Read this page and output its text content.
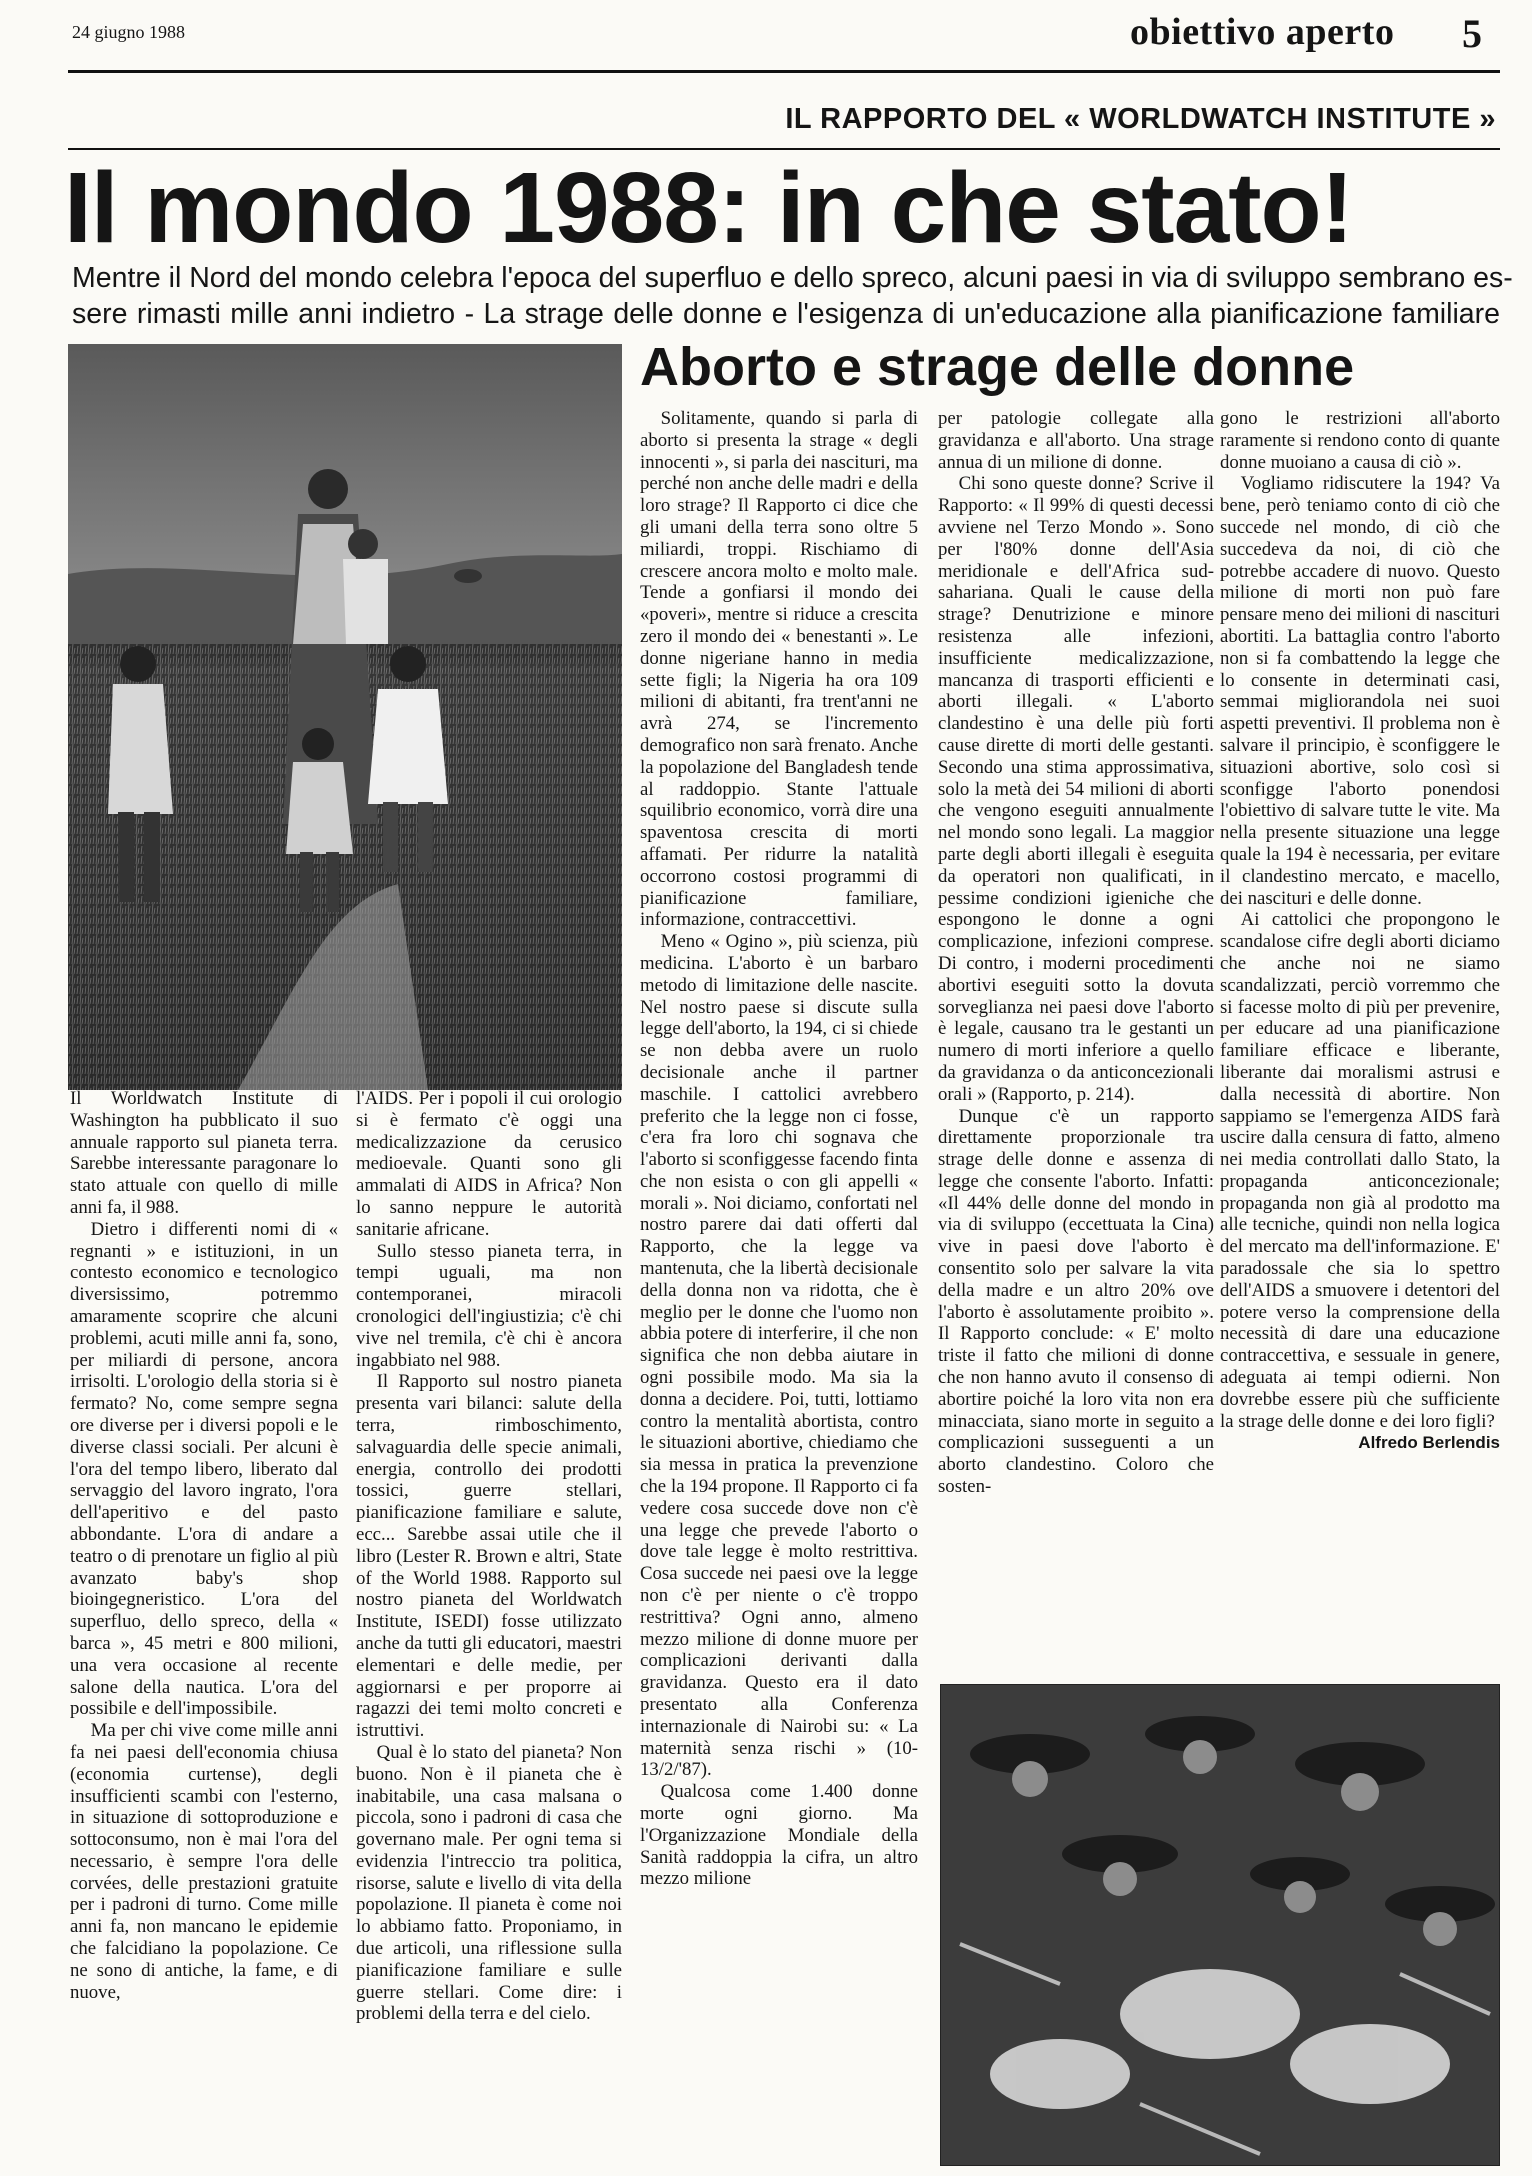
24 giugno 1988	obiettivo aperto 5
IL RAPPORTO DEL « WORLDWATCH INSTITUTE »
Il mondo 1988: in che stato!
Mentre il Nord del mondo celebra l'epoca del superfluo e dello spreco, alcuni paesi in via di sviluppo sembrano es-
sere rimasti mille anni indietro - La strage delle donne e l'esigenza di un'educazione alla pianificazione familiare
Aborto e strage delle donne

Il Worldwatch Institute di Washington ha pubblicato il suo annuale rapporto sul pianeta terra. Sarebbe interessante paragonare lo stato attuale con quello di mille anni fa, il 988.

Dietro i differenti nomi di « regnanti » e istituzioni, in un contesto economico e tecnologico diversissimo, potremmo amaramente scoprire che alcuni problemi, acuti mille anni fa, sono, per miliardi di persone, ancora irrisolti. L'orologio della storia si è fermato? No, come sempre segna ore diverse per i diversi popoli e le diverse classi sociali. Per alcuni è l'ora del tempo libero, liberato dal servaggio del lavoro ingrato, l'ora dell'aperitivo e del pasto abbondante. L'ora di andare a teatro o di prenotare un figlio al più avanzato baby's shop bioingegneristico. L'ora del superfluo, dello spreco, della « barca », 45 metri e 800 milioni, una vera occasione al recente salone della nautica. L'ora del possibile e dell'impossibile.

Ma per chi vive come mille anni fa nei paesi dell'economia chiusa (economia curtense), degli insufficienti scambi con l'esterno, in situazione di sottoproduzione e sottoconsumo, non è mai l'ora del necessario, è sempre l'ora delle corvées, delle prestazioni gratuite per i padroni di turno. Come mille anni fa, non mancano le epidemie che falcidiano la popolazione. Ce ne sono di antiche, la fame, e di nuove,

l'AIDS. Per i popoli il cui orologio si è fermato c'è oggi una medicalizzazione da cerusico medioevale. Quanti sono gli ammalati di AIDS in Africa? Non lo sanno neppure le autorità sanitarie africane.

Sullo stesso pianeta terra, in tempi uguali, ma non contemporanei, miracoli cronologici dell'ingiustizia; c'è chi vive nel tremila, c'è chi è ancora ingabbiato nel 988.

Il Rapporto sul nostro pianeta presenta vari bilanci: salute della terra, rimboschimento, salvaguardia delle specie animali, energia, controllo dei prodotti tossici, guerre stellari, pianificazione familiare e salute, ecc... Sarebbe assai utile che il libro (Lester R. Brown e altri, State of the World 1988. Rapporto sul nostro pianeta del Worldwatch Institute, ISEDI) fosse utilizzato anche da tutti gli educatori, maestri elementari e delle medie, per aggiornarsi e per proporre ai ragazzi dei temi molto concreti e istruttivi.

Qual è lo stato del pianeta? Non buono. Non è il pianeta che è inabitabile, una casa malsana o piccola, sono i padroni di casa che governano male. Per ogni tema si evidenzia l'intreccio tra politica, risorse, salute e livello di vita della popolazione. Il pianeta è come noi lo abbiamo fatto. Proponiamo, in due articoli, una riflessione sulla pianificazione familiare e sulle guerre stellari. Come dire: i problemi della terra e del cielo.

Solitamente, quando si parla di aborto si presenta la strage « degli innocenti », si parla dei nascituri, ma perché non anche delle madri e della loro strage? Il Rapporto ci dice che gli umani della terra sono oltre 5 miliardi, troppi. Rischiamo di crescere ancora molto e molto male. Tende a gonfiarsi il mondo dei «poveri», mentre si riduce a crescita zero il mondo dei « benestanti ». Le donne nigeriane hanno in media sette figli; la Nigeria ha ora 109 milioni di abitanti, fra trent'anni ne avrà 274, se l'incremento demografico non sarà frenato. Anche la popolazione del Bangladesh tende al raddoppio. Stante l'attuale squilibrio economico, vorrà dire una spaventosa crescita di morti affamati. Per ridurre la natalità occorrono costosi programmi di pianificazione familiare, informazione, contraccettivi.

Meno « Ogino », più scienza, più medicina. L'aborto è un barbaro metodo di limitazione delle nascite. Nel nostro paese si discute sulla legge dell'aborto, la 194, ci si chiede se non debba avere un ruolo decisionale anche il partner maschile. I cattolici avrebbero preferito che la legge non ci fosse, c'era fra loro chi sognava che l'aborto si sconfiggesse facendo finta che non esista o con gli appelli « morali ». Noi diciamo, confortati nel nostro parere dai dati offerti dal Rapporto, che la legge va mantenuta, che la libertà decisionale della donna non va ridotta, che è meglio per le donne che l'uomo non abbia potere di interferire, il che non significa che non debba aiutare in ogni possibile modo. Ma sia la donna a decidere. Poi, tutti, lottiamo contro la mentalità abortista, contro le situazioni abortive, chiediamo che sia messa in pratica la prevenzione che la 194 propone. Il Rapporto ci fa vedere cosa succede dove non c'è una legge che prevede l'aborto o dove tale legge è molto restrittiva. Cosa succede nei paesi ove la legge non c'è per niente o c'è troppo restrittiva? Ogni anno, almeno mezzo milione di donne muore per complicazioni derivanti dalla gravidanza. Questo era il dato presentato alla Conferenza internazionale di Nairobi su: « La maternità senza rischi » (10-13/2/'87).

Qualcosa come 1.400 donne morte ogni giorno. Ma l'Organizzazione Mondiale della Sanità raddoppia la cifra, un altro mezzo milione

per patologie collegate alla gravidanza e all'aborto. Una strage annua di un milione di donne.

Chi sono queste donne? Scrive il Rapporto: « Il 99% di questi decessi avviene nel Terzo Mondo ». Sono per l'80% donne dell'Asia meridionale e dell'Africa sud-sahariana. Quali le cause della strage? Denutrizione e minore resistenza alle infezioni, insufficiente medicalizzazione, mancanza di trasporti efficienti e aborti illegali. « L'aborto clandestino è una delle più forti cause dirette di morti delle gestanti. Secondo una stima approssimativa, solo la metà dei 54 milioni di aborti che vengono eseguiti annualmente nel mondo sono legali. La maggior parte degli aborti illegali è eseguita da operatori non qualificati, in pessime condizioni igieniche che espongono le donne a ogni complicazione, infezioni comprese. Di contro, i moderni procedimenti abortivi eseguiti sotto la dovuta sorveglianza nei paesi dove l'aborto è legale, causano tra le gestanti un numero di morti inferiore a quello da gravidanza o da anticoncezionali orali » (Rapporto, p. 214).

Dunque c'è un rapporto direttamente proporzionale tra strage delle donne e assenza di legge che consente l'aborto. Infatti: «Il 44% delle donne del mondo in via di sviluppo (eccettuata la Cina) vive in paesi dove l'aborto è consentito solo per salvare la vita della madre e un altro 20% ove l'aborto è assolutamente proibito ». Il Rapporto conclude: « E' molto triste il fatto che milioni di donne che non hanno avuto il consenso di abortire poiché la loro vita non era minacciata, siano morte in seguito a complicazioni susseguenti a un aborto clandestino. Coloro che sosten-

gono le restrizioni all'aborto raramente si rendono conto di quante donne muoiano a causa di ciò ».

Vogliamo ridiscutere la 194? Va bene, però teniamo conto di ciò che succede nel mondo, di ciò che succedeva da noi, di ciò che potrebbe accadere di nuovo. Questo milione di morti non può fare pensare meno dei milioni di nascituri abortiti. La battaglia contro l'aborto non si fa combattendo la legge che lo consente in determinati casi, semmai migliorandola nei suoi aspetti preventivi. Il problema non è salvare il principio, è sconfiggere le situazioni abortive, solo così si sconfigge l'aborto ponendosi l'obiettivo di salvare tutte le vite. Ma nella presente situazione una legge quale la 194 è necessaria, per evitare il clandestino mercato, e macello, dei nascituri e delle donne.

Ai cattolici che propongono le scandalose cifre degli aborti diciamo che anche noi ne siamo scandalizzati, perciò vorremmo che si facesse molto di più per prevenire, per educare ad una pianificazione familiare efficace e liberante, liberante dai moralismi astrusi e dalla necessità di abortire. Non sappiamo se l'emergenza AIDS farà uscire dalla censura di fatto, almeno nei media controllati dallo Stato, la propaganda anticoncezionale; propaganda non già al prodotto ma alle tecniche, quindi non nella logica del mercato ma dell'informazione. E' paradossale che sia lo spettro dell'AIDS a smuovere i detentori del potere verso la comprensione della necessità di dare una educazione contraccettiva, e sessuale in genere, adeguata ai tempi odierni. Non dovrebbe essere più che sufficiente la strage delle donne e dei loro figli?

Alfredo Berlendis
